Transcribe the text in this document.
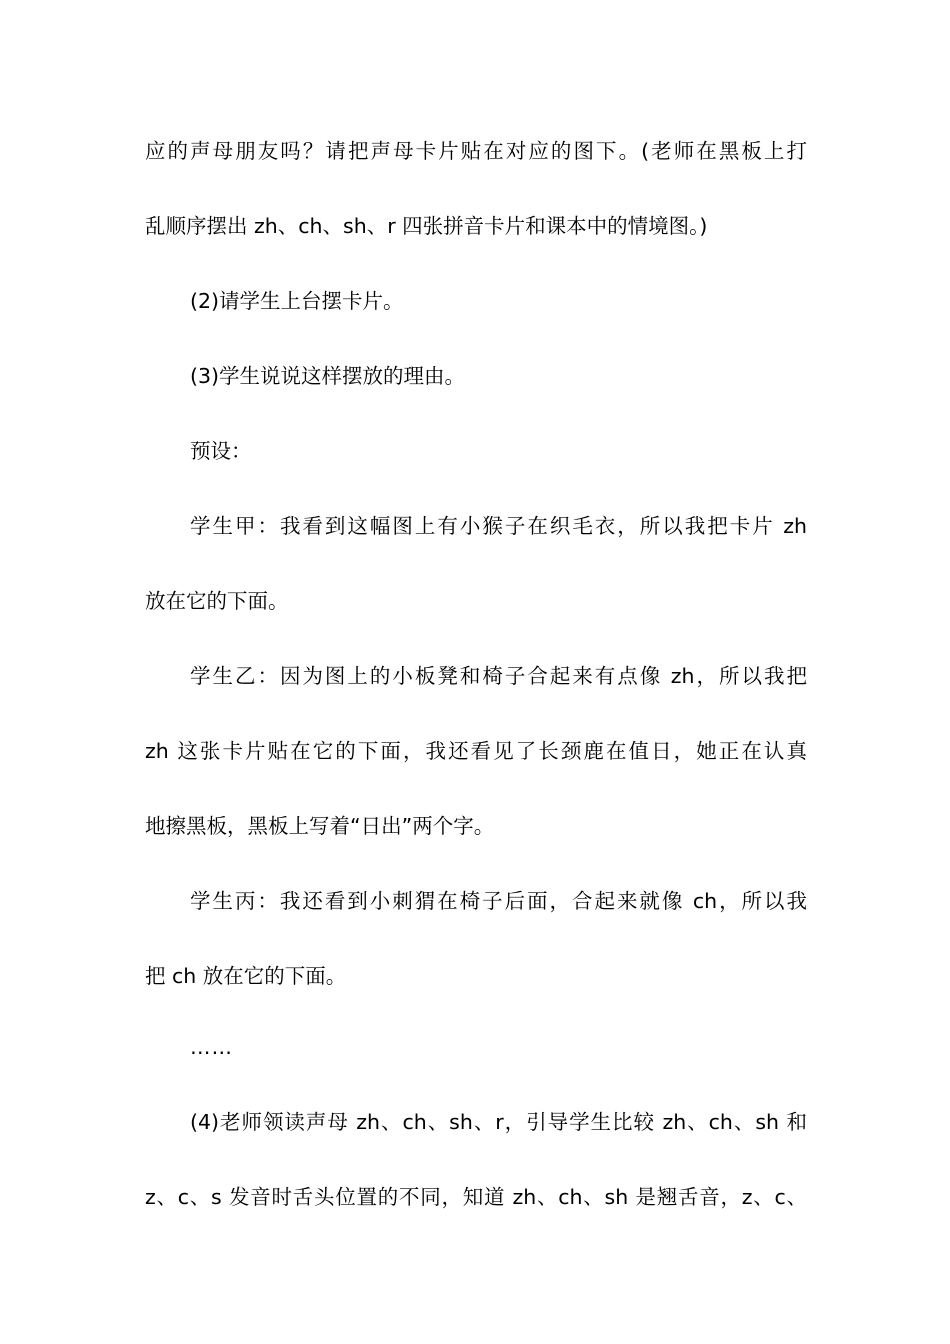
应的声母朋友吗？请把声母卡片贴在对应的图下。(老师在黑板上打
乱顺序摆出 zh、ch、sh、r 四张拼音卡片和课本中的情境图。)
(2)请学生上台摆卡片。
(3)学生说说这样摆放的理由。
预设：
学生甲：我看到这幅图上有小猴子在织毛衣，所以我把卡片 zh
放在它的下面。
学生乙：因为图上的小板凳和椅子合起来有点像 zh，所以我把
zh 这张卡片贴在它的下面，我还看见了长颈鹿在值日，她正在认真
地擦黑板，黑板上写着“日出”两个字。
学生丙：我还看到小刺猬在椅子后面，合起来就像 ch，所以我
把 ch 放在它的下面。
……
(4)老师领读声母 zh、ch、sh、r，引导学生比较 zh、ch、sh 和
z、c、s 发音时舌头位置的不同，知道 zh、ch、sh 是翘舌音，z、c、
